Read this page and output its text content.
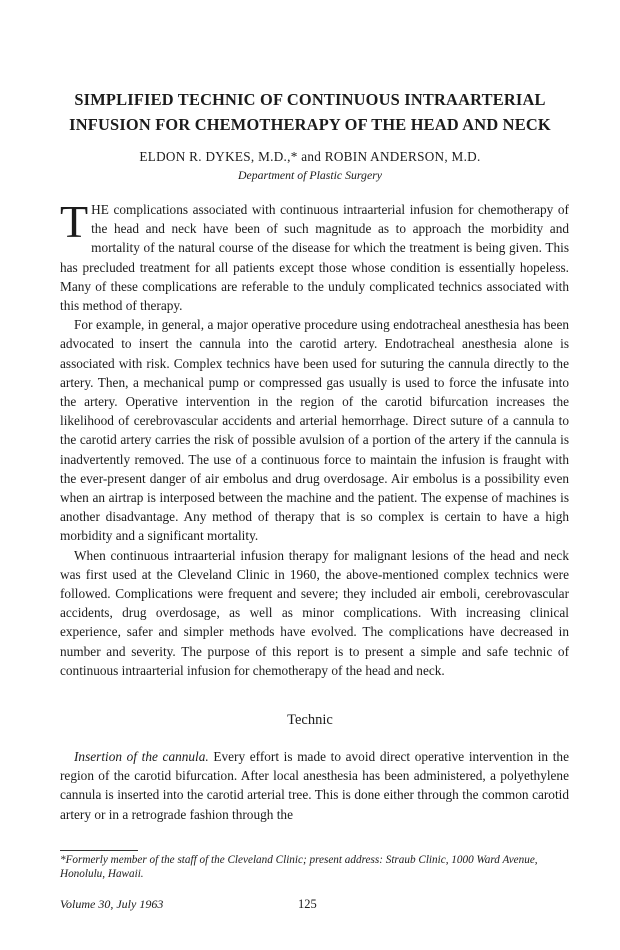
SIMPLIFIED TECHNIC OF CONTINUOUS INTRAARTERIAL
INFUSION FOR CHEMOTHERAPY OF THE HEAD AND NECK
ELDON R. DYKES, M.D.,* and ROBIN ANDERSON, M.D.
Department of Plastic Surgery

THE complications associated with continuous intraarterial infusion for chemotherapy of the head and neck have been of such magnitude as to approach the morbidity and mortality of the natural course of the disease for which the treatment is being given. This has precluded treatment for all patients except those whose condition is essentially hopeless. Many of these complications are referable to the unduly complicated technics associated with this method of therapy.

For example, in general, a major operative procedure using endotracheal anesthesia has been advocated to insert the cannula into the carotid artery. Endotracheal anesthesia alone is associated with risk. Complex technics have been used for suturing the cannula directly to the artery. Then, a mechanical pump or compressed gas usually is used to force the infusate into the artery. Operative intervention in the region of the carotid bifurcation increases the likelihood of cerebrovascular accidents and arterial hemorrhage. Direct suture of a cannula to the carotid artery carries the risk of possible avulsion of a portion of the artery if the cannula is inadvertently removed. The use of a continuous force to maintain the infusion is fraught with the ever-present danger of air embolus and drug overdosage. Air embolus is a possibility even when an airtrap is interposed between the machine and the patient. The expense of machines is another disadvantage. Any method of therapy that is so complex is certain to have a high morbidity and a significant mortality.

When continuous intraarterial infusion therapy for malignant lesions of the head and neck was first used at the Cleveland Clinic in 1960, the above-mentioned complex technics were followed. Complications were frequent and severe; they included air emboli, cerebrovascular accidents, drug overdosage, as well as minor complications. With increasing clinical experience, safer and simpler methods have evolved. The complications have decreased in number and severity. The purpose of this report is to present a simple and safe technic of continuous intraarterial infusion for chemotherapy of the head and neck.

Technic

Insertion of the cannula. Every effort is made to avoid direct operative intervention in the region of the carotid bifurcation. After local anesthesia has been administered, a polyethylene cannula is inserted into the carotid arterial tree. This is done either through the common carotid artery or in a retrograde fashion through the

*Formerly member of the staff of the Cleveland Clinic; present address: Straub Clinic, 1000 Ward Avenue, Honolulu, Hawaii.

Volume 30, July 1963	125
